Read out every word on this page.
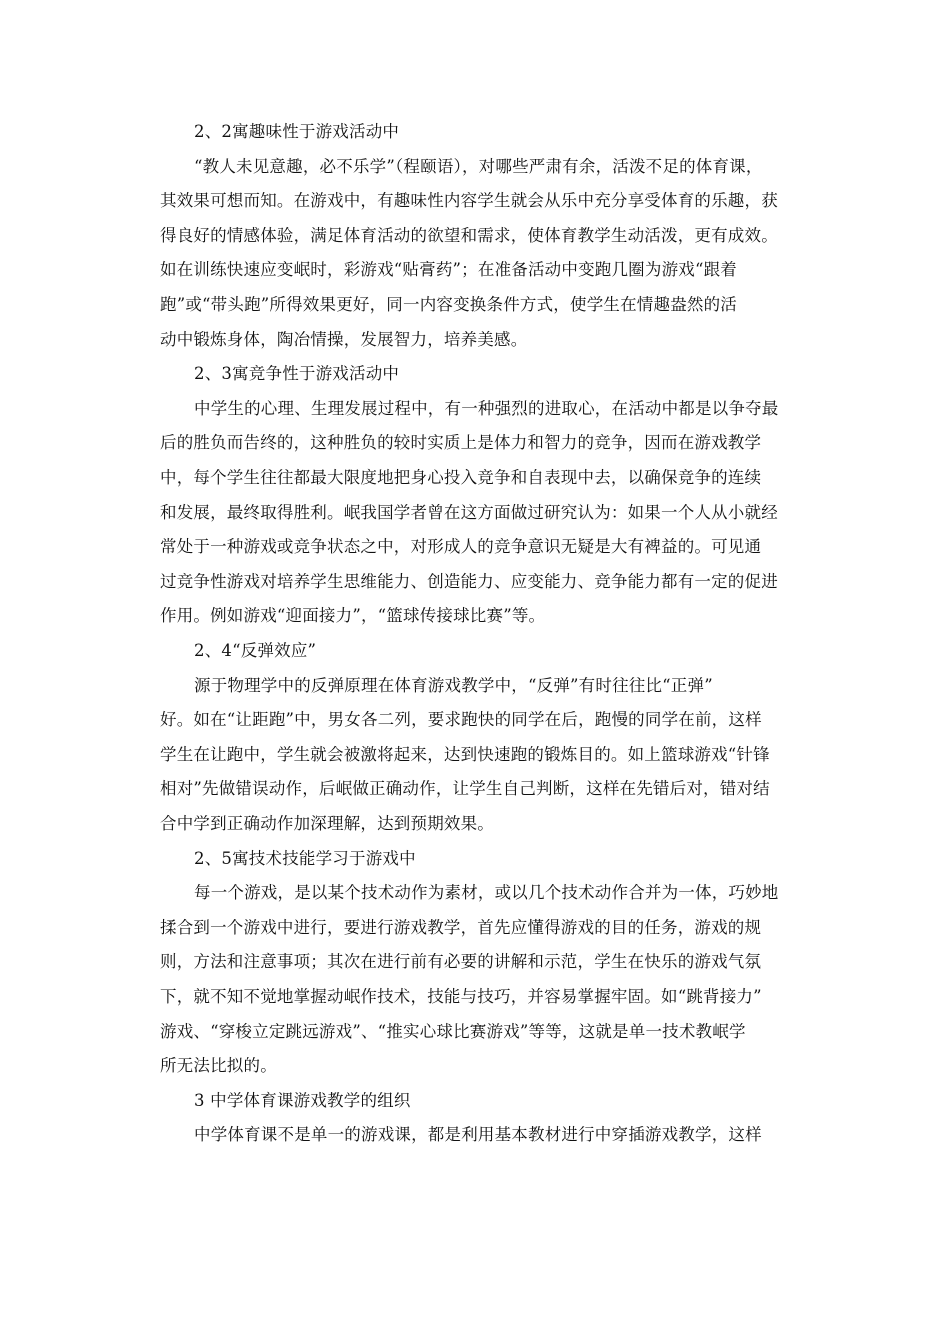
2、2寓趣味性于游戏活动中
“教人未见意趣，必不乐学”（程颐语），对哪些严肃有余，活泼不足的体育课，
其效果可想而知。在游戏中，有趣味性内容学生就会从乐中充分享受体育的乐趣，获
得良好的情感体验，满足体育活动的欲望和需求，使体育教学生动活泼，更有成效。
如在训练快速应变岷时，彩游戏“贴膏药”；在准备活动中变跑几圈为游戏“跟着
跑”或“带头跑”所得效果更好，同一内容变换条件方式，使学生在情趣盎然的活
动中锻炼身体，陶冶情操，发展智力，培养美感。
2、3寓竞争性于游戏活动中
中学生的心理、生理发展过程中，有一种强烈的进取心，在活动中都是以争夺最
后的胜负而告终的，这种胜负的较时实质上是体力和智力的竞争，因而在游戏教学
中，每个学生往往都最大限度地把身心投入竞争和自表现中去，以确保竞争的连续
和发展，最终取得胜利。岷我国学者曾在这方面做过研究认为：如果一个人从小就经
常处于一种游戏或竞争状态之中，对形成人的竞争意识无疑是大有裨益的。可见通
过竞争性游戏对培养学生思维能力、创造能力、应变能力、竞争能力都有一定的促进
作用。例如游戏“迎面接力”，“篮球传接球比赛”等。
2、4“反弹效应”
源于物理学中的反弹原理在体育游戏教学中，“反弹”有时往往比“正弹”
好。如在“让距跑”中，男女各二列，要求跑快的同学在后，跑慢的同学在前，这样
学生在让跑中，学生就会被激将起来，达到快速跑的锻炼目的。如上篮球游戏“针锋
相对”先做错误动作，后岷做正确动作，让学生自己判断，这样在先错后对，错对结
合中学到正确动作加深理解，达到预期效果。
2、5寓技术技能学习于游戏中
每一个游戏，是以某个技术动作为素材，或以几个技术动作合并为一体，巧妙地
揉合到一个游戏中进行，要进行游戏教学，首先应懂得游戏的目的任务，游戏的规
则，方法和注意事项；其次在进行前有必要的讲解和示范，学生在快乐的游戏气氛
下，就不知不觉地掌握动岷作技术，技能与技巧，并容易掌握牢固。如“跳背接力”
游戏、“穿梭立定跳远游戏”、“推实心球比赛游戏”等等，这就是单一技术教岷学
所无法比拟的。
3 中学体育课游戏教学的组织
中学体育课不是单一的游戏课，都是利用基本教材进行中穿插游戏教学，这样
